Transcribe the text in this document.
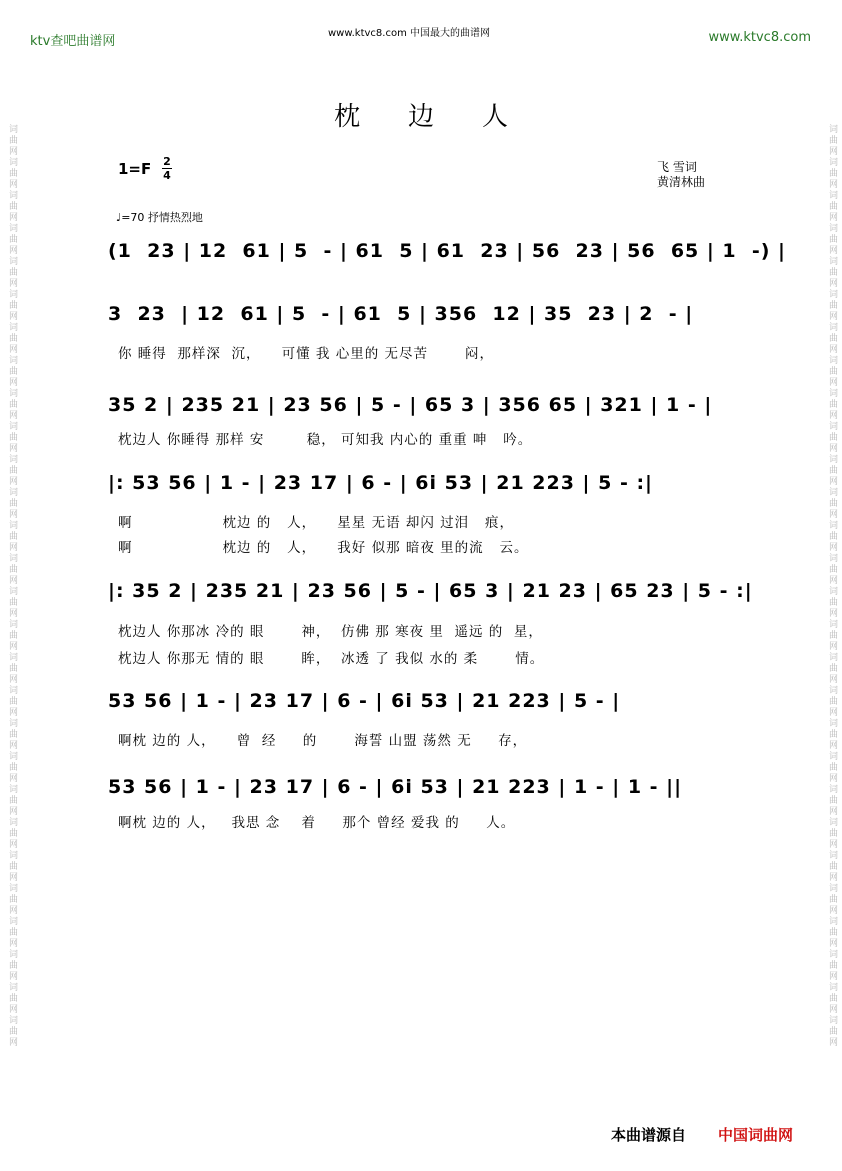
词曲网词曲网词曲网词曲网词曲网词曲网词曲网词曲网词曲网词曲网词曲网词曲网词曲网词曲网词曲网词曲网词曲网词曲网词曲网词曲网词曲网词曲网词曲网词曲网词曲网词曲网词曲网词曲网	词曲网词曲网词曲网词曲网词曲网词曲网词曲网词曲网词曲网词曲网词曲网词曲网词曲网词曲网词曲网词曲网词曲网词曲网词曲网词曲网词曲网词曲网词曲网词曲网词曲网词曲网词曲网词曲网
ktv查吧曲谱网
www.ktvc8.com 中国最大的曲谱网	www.ktvc8.com
枕边人
1=F 2
4
飞 雪词
黄清林曲
♩=70 抒情热烈地
(1  23 | 12  61 | 5  - | 61  5 | 61  23 | 56  23 | 56  65 | 1  -) |
3  23  | 12  61 | 5  - | 61  5 | 356  12 | 35  23 | 2  - |
你 睡得  那样深  沉，    可懂 我 心里的 无尽苦       闷，
35 2 | 235 21 | 23 56 | 5 - | 65 3 | 356 65 | 321 | 1 - |
枕边人 你睡得 那样 安        稳， 可知我 内心的 重重 呻   吟。
|: 53 56 | 1 - | 23 17 | 6 - | 6i 53 | 21 223 | 5 - :|
啊                 枕边 的   人，    星星 无语 却闪 过泪   痕，
啊                 枕边 的   人，    我好 似那 暗夜 里的流   云。
|: 35 2 | 235 21 | 23 56 | 5 - | 65 3 | 21 23 | 65 23 | 5 - :|
枕边人 你那冰 冷的 眼       神，  仿佛 那 寒夜 里  遥远 的  星，
枕边人 你那无 情的 眼       眸，  冰透 了 我似 水的 柔       情。
53 56 | 1 - | 23 17 | 6 - | 6i 53 | 21 223 | 5 - |
啊枕 边的 人，    曾  经     的       海誓 山盟 荡然 无     存，
53 56 | 1 - | 23 17 | 6 - | 6i 53 | 21 223 | 1 - | 1 - ||
啊枕 边的 人，   我思 念    着     那个 曾经 爱我 的     人。
本曲谱源自 中国词曲网
